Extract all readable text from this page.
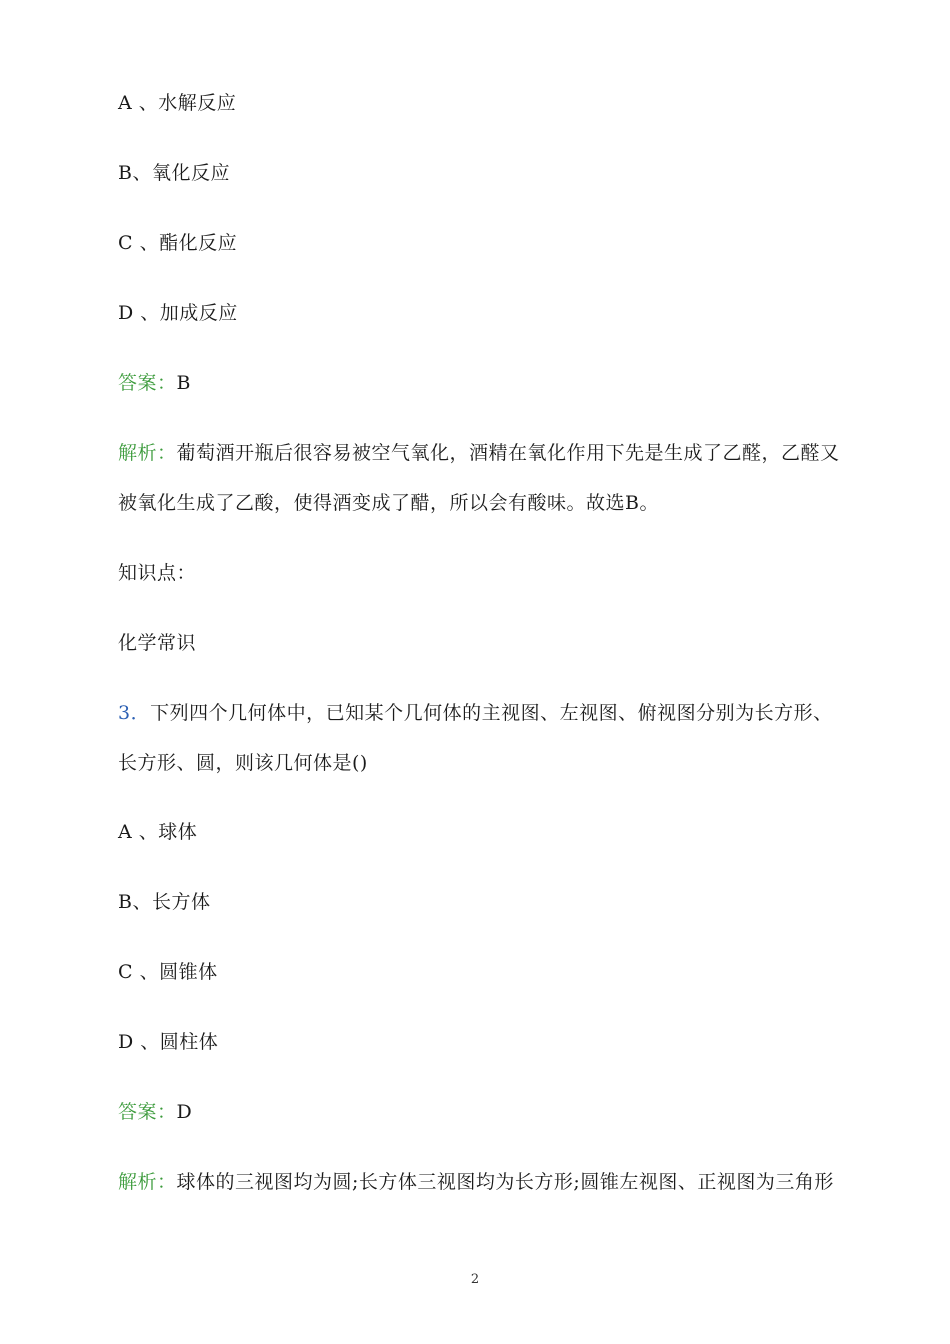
A 、水解反应
B、氧化反应
C 、酯化反应
D 、加成反应
答案：B
解析：葡萄酒开瓶后很容易被空气氧化，酒精在氧化作用下先是生成了乙醛，乙醛又
被氧化生成了乙酸，使得酒变成了醋，所以会有酸味。故选B。
知识点：
化学常识
3．下列四个几何体中，已知某个几何体的主视图、左视图、俯视图分别为长方形、
长方形、圆，则该几何体是()
A 、球体
B、长方体
C 、圆锥体
D 、圆柱体
答案：D
解析：球体的三视图均为圆;长方体三视图均为长方形;圆锥左视图、正视图为三角形
2
